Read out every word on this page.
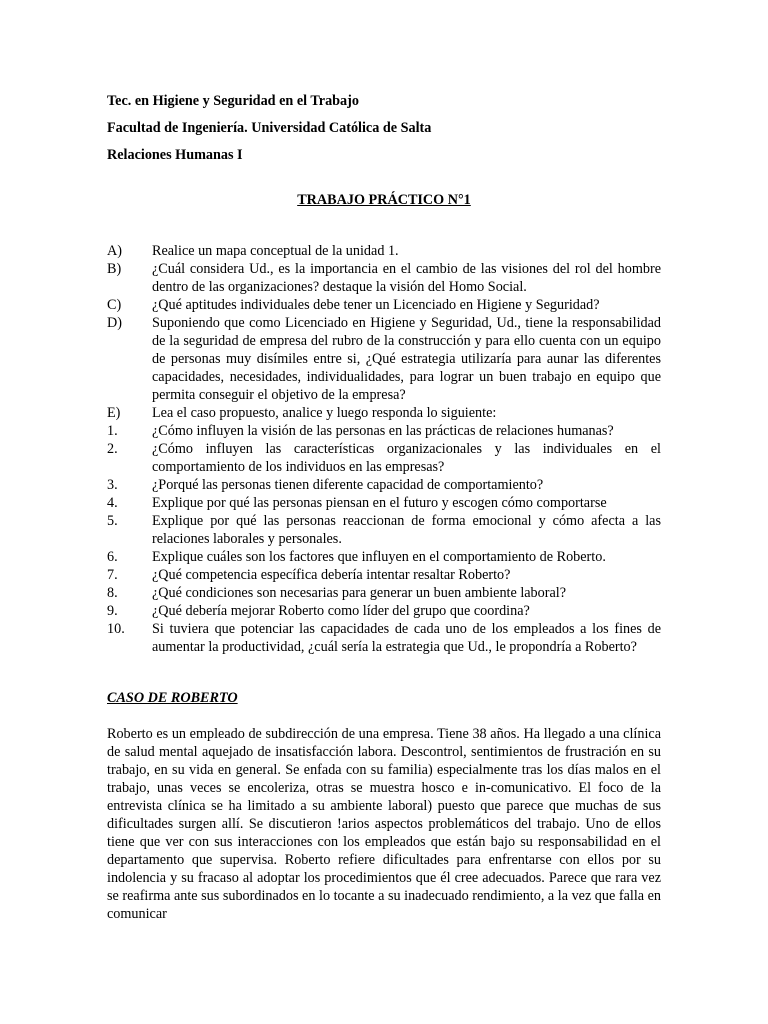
Tec. en Higiene y Seguridad en el Trabajo
Facultad de Ingeniería. Universidad Católica de Salta
Relaciones Humanas I
TRABAJO PRÁCTICO N°1
A) Realice un mapa conceptual de la unidad 1.
B) ¿Cuál considera Ud., es la importancia en el cambio de las visiones del rol del hombre dentro de las organizaciones? destaque la visión del Homo Social.
C) ¿Qué aptitudes individuales debe tener un Licenciado en Higiene y Seguridad?
D) Suponiendo que como Licenciado en Higiene y Seguridad, Ud., tiene la responsabilidad de la seguridad de empresa del rubro de la construcción y para ello cuenta con un equipo de personas muy disímiles entre si, ¿Qué estrategia utilizaría para aunar las diferentes capacidades, necesidades, individualidades, para lograr un buen trabajo en equipo que permita conseguir el objetivo de la empresa?
E) Lea el caso propuesto, analice y luego responda lo siguiente:
1. ¿Cómo influyen la visión de las personas en las prácticas de relaciones humanas?
2. ¿Cómo influyen las características organizacionales y las individuales en el comportamiento de los individuos en las empresas?
3. ¿Porqué las personas tienen diferente capacidad de comportamiento?
4. Explique por qué las personas piensan en el futuro y escogen cómo comportarse
5. Explique por qué las personas reaccionan de forma emocional y cómo afecta a las relaciones laborales y personales.
6. Explique cuáles son los factores que influyen en el comportamiento de Roberto.
7. ¿Qué competencia específica debería intentar resaltar Roberto?
8. ¿Qué condiciones son necesarias para generar un buen ambiente laboral?
9. ¿Qué debería mejorar Roberto como líder del grupo que coordina?
10. Si tuviera que potenciar las capacidades de cada uno de los empleados a los fines de aumentar la productividad, ¿cuál sería la estrategia que Ud., le propondría a Roberto?
CASO DE ROBERTO
Roberto es un empleado de subdirección de una empresa. Tiene 38 años. Ha llegado a una clínica de salud mental aquejado de insatisfacción labora. Descontrol, sentimientos de frustración en su trabajo, en su vida en general. Se enfada con su familia) especialmente tras los días malos en el trabajo, unas veces se encoleriza, otras se muestra hosco e in-comunicativo. El foco de la entrevista clínica se ha limitado a su ambiente laboral) puesto que parece que muchas de sus dificultades surgen allí. Se discutieron !arios aspectos problemáticos del trabajo. Uno de ellos tiene que ver con sus interacciones con los empleados que están bajo su responsabilidad en el departamento que supervisa. Roberto refiere dificultades para enfrentarse con ellos por su indolencia y su fracaso al adoptar los procedimientos que él cree adecuados. Parece que rara vez se reafirma ante sus subordinados en lo tocante a su inadecuado rendimiento, a la vez que falla en comunicar
